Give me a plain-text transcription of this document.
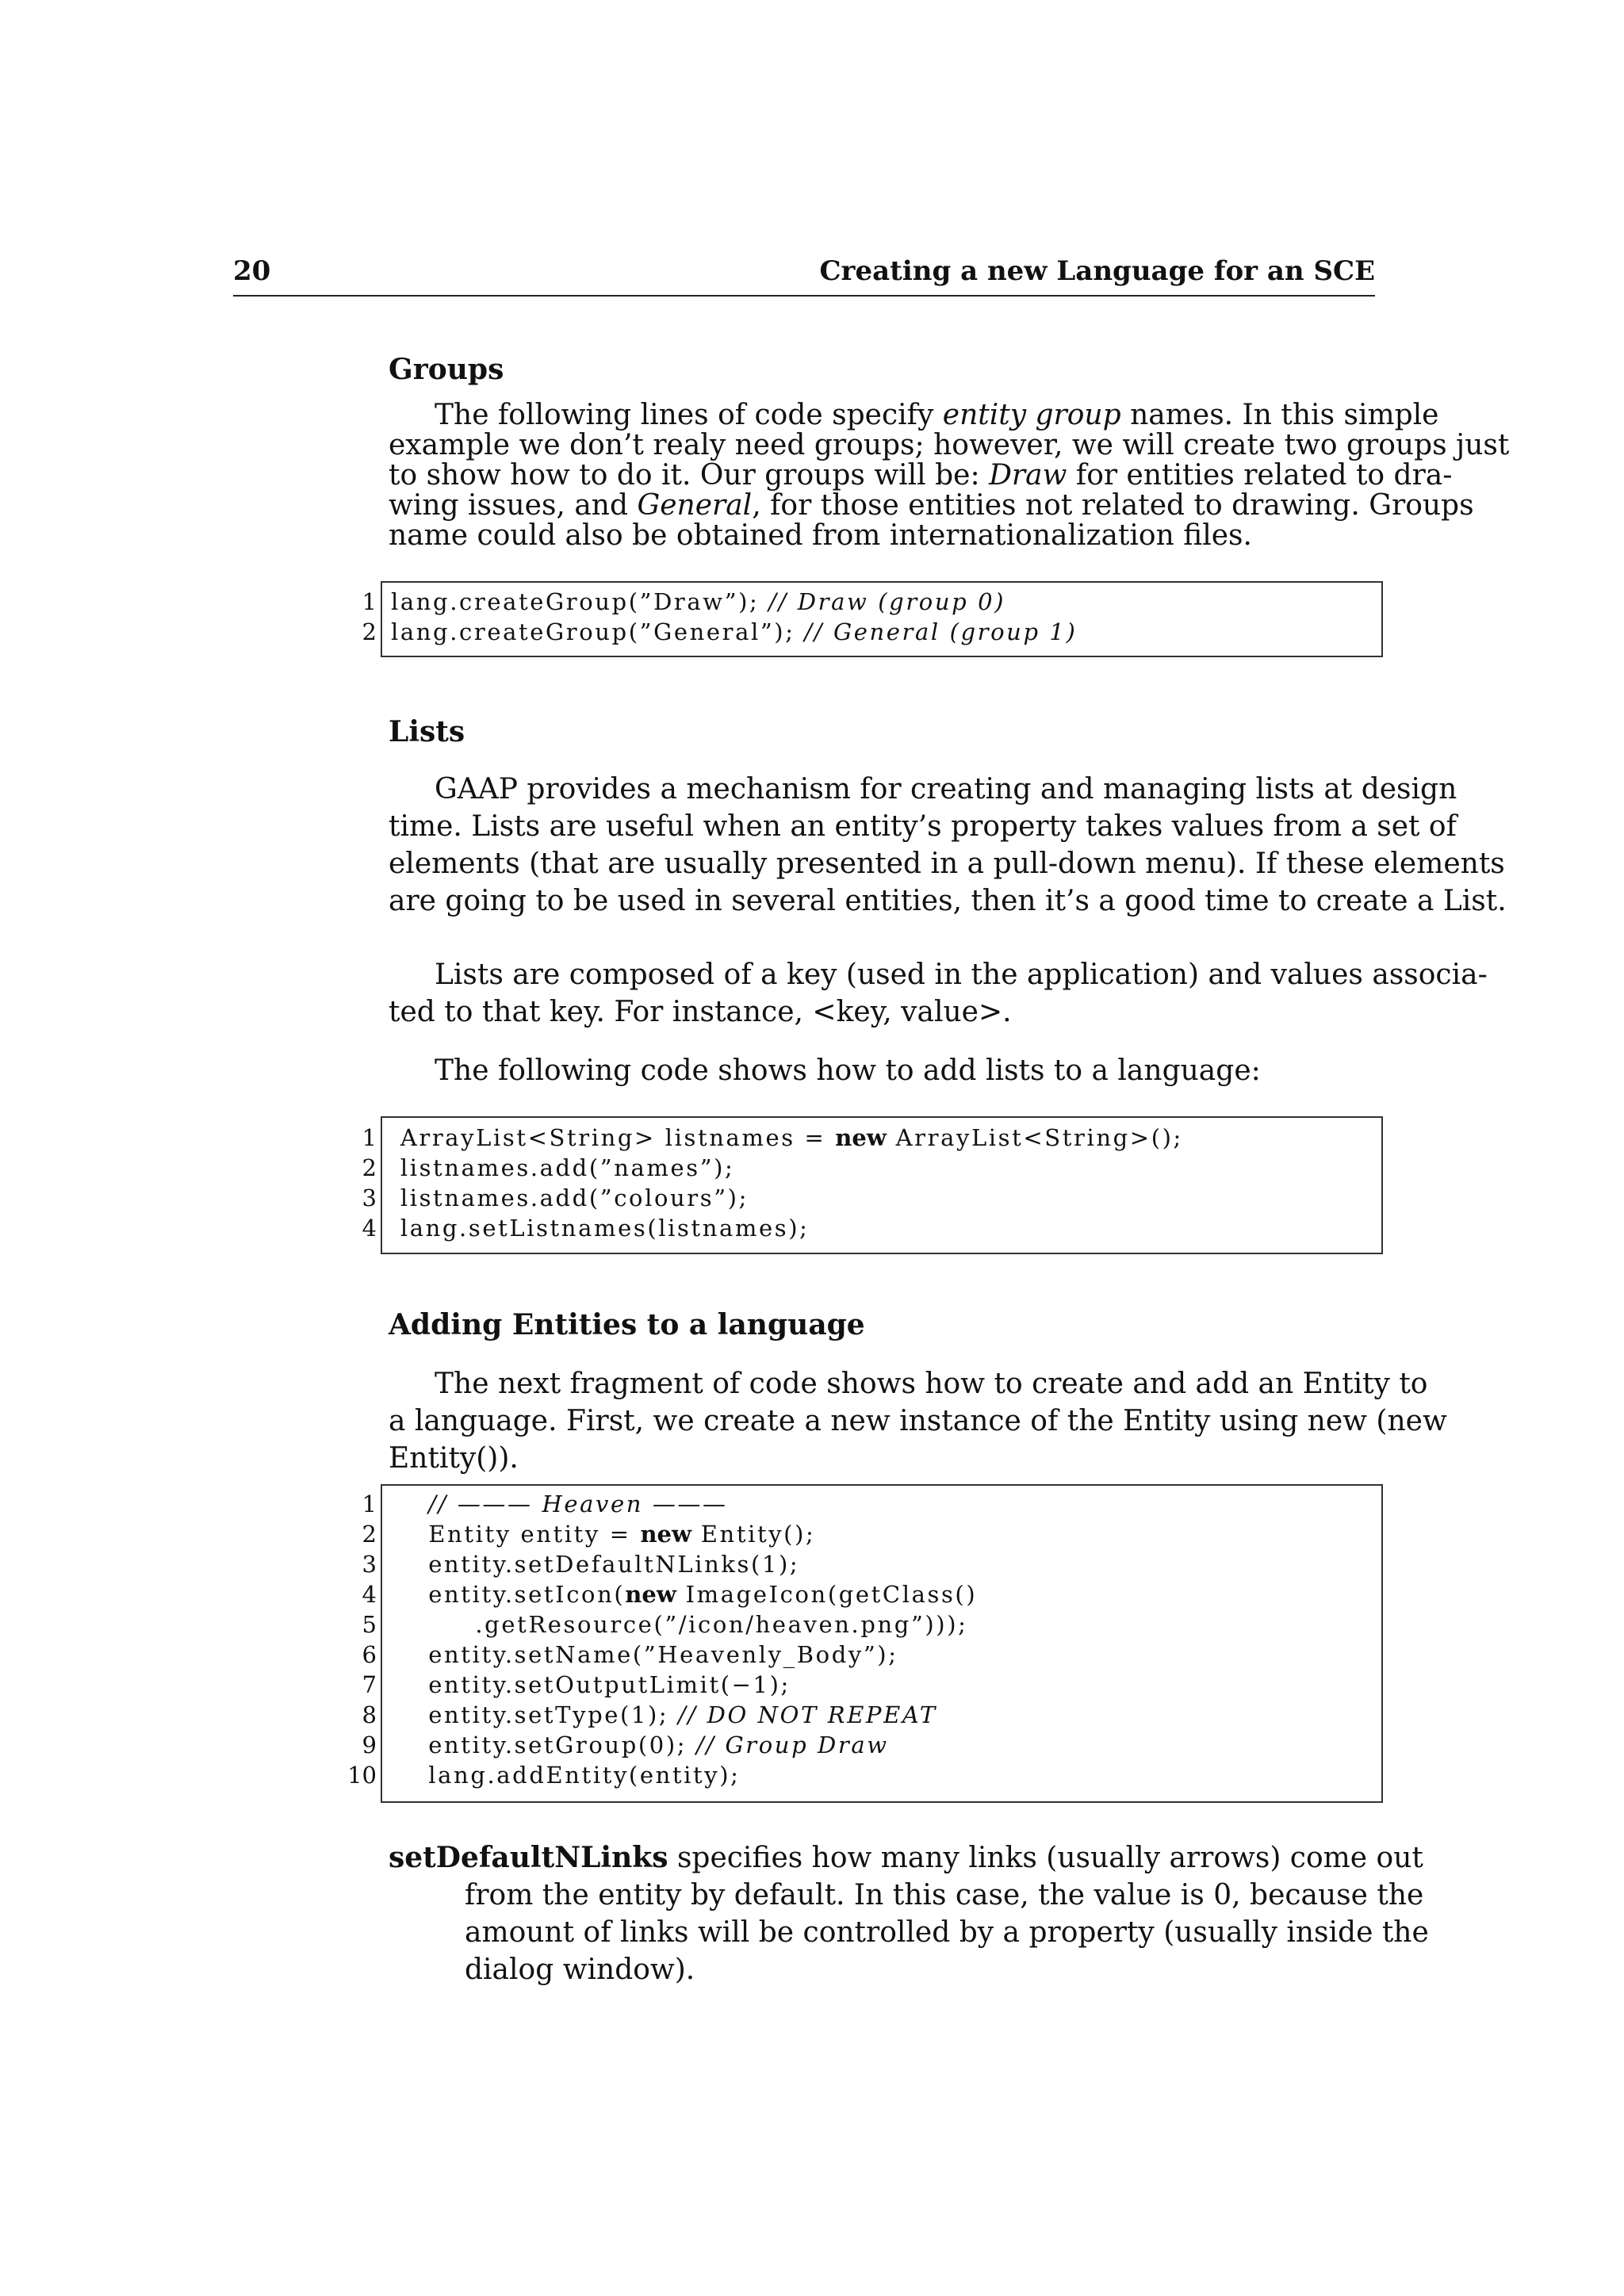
20	Creating a new Language for an SCE
Groups
The following lines of code specify entity group names. In this simple
example we don’t realy need groups; however, we will create two groups just
to show how to do it. Our groups will be: Draw for entities related to dra-
wing issues, and General, for those entities not related to drawing. Groups
name could also be obtained from internationalization files.
1 lang.createGroup(”Draw”); // Draw (group 0)
2 lang.createGroup(”General”); // General (group 1)
Lists
GAAP provides a mechanism for creating and managing lists at design
time. Lists are useful when an entity’s property takes values from a set of
elements (that are usually presented in a pull-down menu). If these elements
are going to be used in several entities, then it’s a good time to create a List.
Lists are composed of a key (used in the application) and values associa-
ted to that key. For instance, <key, value>.
The following code shows how to add lists to a language:
1 ArrayList<String> listnames = new ArrayList<String>();
2 listnames.add(”names”);
3 listnames.add(”colours”);
4 lang.setListnames(listnames);
Adding Entities to a language
The next fragment of code shows how to create and add an Entity to
a language. First, we create a new instance of the Entity using new (new
Entity()).
1 // ——— Heaven ———
2 Entity entity = new Entity();
3 entity.setDefaultNLinks(1);
4 entity.setIcon(new ImageIcon(getClass()
5 .getResource(”/icon/heaven.png”)));
6 entity.setName(”Heavenly_Body”);
7 entity.setOutputLimit(−1);
8 entity.setType(1); // DO NOT REPEAT
9 entity.setGroup(0); // Group Draw
10 lang.addEntity(entity);
setDefaultNLinks specifies how many links (usually arrows) come out
from the entity by default. In this case, the value is 0, because the
amount of links will be controlled by a property (usually inside the
dialog window).
